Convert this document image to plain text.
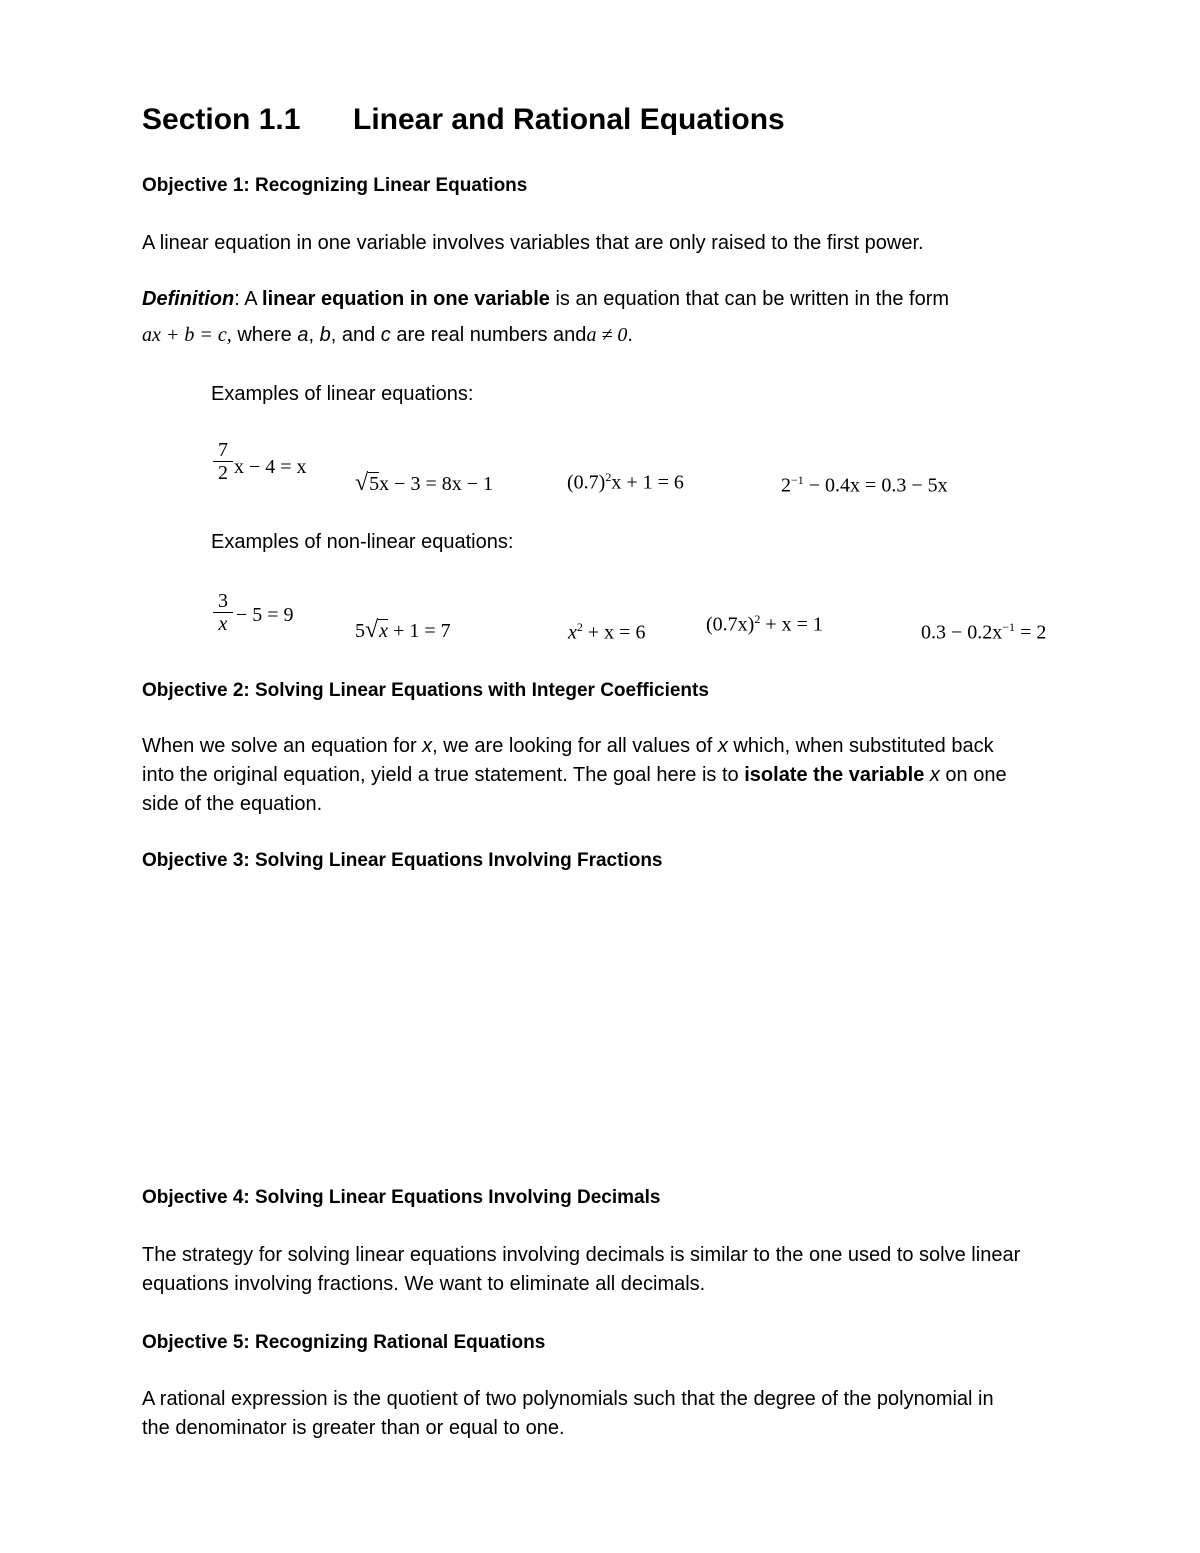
Section 1.1 Linear and Rational Equations
Objective 1: Recognizing Linear Equations
A linear equation in one variable involves variables that are only raised to the first power.
Definition: A linear equation in one variable is an equation that can be written in the form
ax + b = c, where a, b, and c are real numbers anda ≠ 0.
Examples of linear equations:
7
2 x − 4 = x
√5x − 3 = 8x − 1	$(0.7)^2x + 1 = 6$	$2^{-1} - 0.4x = 0.3 - 5x$
Examples of non-linear equations:
3
x − 5 = 9
5√x + 1 = 7	$x^2 + x = 6$	$(0.7x)^2 + x = 1$	$0.3 - 0.2x^{-1} = 2$
Objective 2: Solving Linear Equations with Integer Coefficients
When we solve an equation for x, we are looking for all values of x which, when substituted back
into the original equation, yield a true statement. The goal here is to isolate the variable x on one
side of the equation.
Objective 3: Solving Linear Equations Involving Fractions
Objective 4: Solving Linear Equations Involving Decimals
The strategy for solving linear equations involving decimals is similar to the one used to solve linear
equations involving fractions. We want to eliminate all decimals.
Objective 5: Recognizing Rational Equations
A rational expression is the quotient of two polynomials such that the degree of the polynomial in
the denominator is greater than or equal to one.
